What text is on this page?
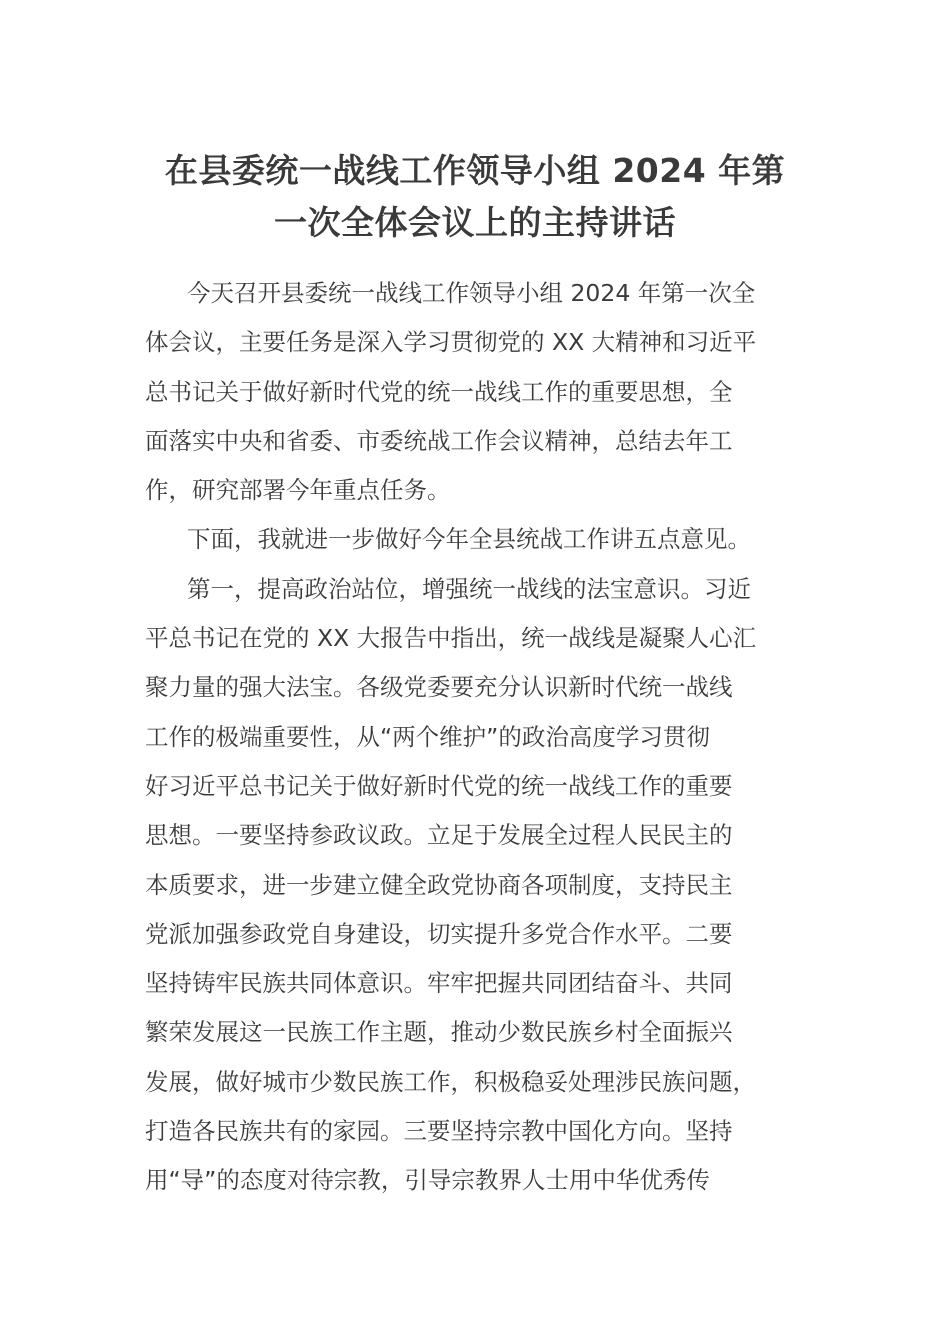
在县委统一战线工作领导小组 2024 年第
一次全体会议上的主持讲话

今天召开县委统一战线工作领导小组 2024 年第一次全
体会议，主要任务是深入学习贯彻党的 XX 大精神和习近平
总书记关于做好新时代党的统一战线工作的重要思想，全
面落实中央和省委、市委统战工作会议精神，总结去年工
作，研究部署今年重点任务。

下面，我就进一步做好今年全县统战工作讲五点意见。

第一，提高政治站位，增强统一战线的法宝意识。习近
平总书记在党的 XX 大报告中指出，统一战线是凝聚人心汇
聚力量的强大法宝。各级党委要充分认识新时代统一战线
工作的极端重要性，从“两个维护”的政治高度学习贯彻
好习近平总书记关于做好新时代党的统一战线工作的重要
思想。一要坚持参政议政。立足于发展全过程人民民主的
本质要求，进一步建立健全政党协商各项制度，支持民主
党派加强参政党自身建设，切实提升多党合作水平。二要
坚持铸牢民族共同体意识。牢牢把握共同团结奋斗、共同
繁荣发展这一民族工作主题，推动少数民族乡村全面振兴
发展，做好城市少数民族工作，积极稳妥处理涉民族问题，
打造各民族共有的家园。三要坚持宗教中国化方向。坚持
用“导”的态度对待宗教，引导宗教界人士用中华优秀传
